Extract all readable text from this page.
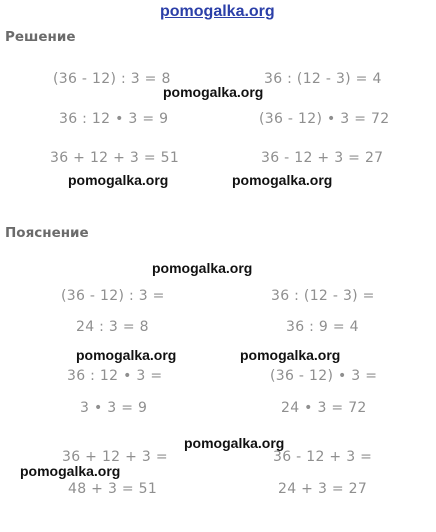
pomogalka.org
Решение
(36 - 12) : 3 = 8	36 : (12 - 3) = 4
pomogalka.org
36 : 12 • 3 = 9	(36 - 12) • 3 = 72
36 + 12 + 3 = 51	36 - 12 + 3 = 27
pomogalka.org	pomogalka.org
Пояснение
pomogalka.org
(36 - 12) : 3 =	36 : (12 - 3) =
24 : 3 = 8	36 : 9 = 4
pomogalka.org	pomogalka.org
36 : 12 • 3 =	(36 - 12) • 3 =
3 • 3 = 9	24 • 3 = 72
pomogalka.org
36 + 12 + 3 =	36 - 12 + 3 =
pomogalka.org
48 + 3 = 51	24 + 3 = 27
